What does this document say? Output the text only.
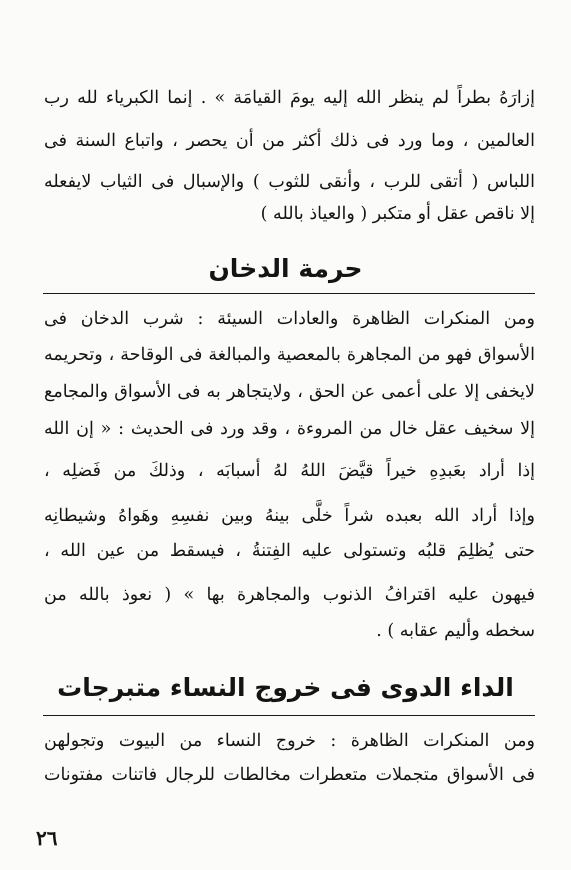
إزارَهُ بطراً لم ينظر الله إليه يومَ القيامَة » . إنما الكبرياء لله رب
العالمين ، وما ورد فى ذلك أكثر من أن يحصر ، واتباع السنة فى
اللباس ( أتقى للرب ، وأنقى للثوب ) والإسبال فى الثياب لايفعله
إلا ناقص عقل أو متكبر ( والعياذ بالله )
حرمة الدخان
ومن المنكرات الظاهرة والعادات السيئة : شرب الدخان فى
الأسواق فهو من المجاهرة بالمعصية والمبالغة فى الوقاحة ، وتحريمه
لايخفى إلا على أعمى عن الحق ، ولايتجاهر به فى الأسواق والمجامع
إلا سخيف عقل خال من المروءة ، وقد ورد فى الحديث : « إن الله
إذا أراد بعَبدِهِ خيراً قيَّضَ اللهُ لهُ أسبابَه ، وذلكَ من فَضلِه ،
وإذا أراد الله بعبده شراً خلَّى بينهُ وبين نفسِهِ وهَواهُ وشيطانِه
حتى يُظلِمَ قلبُه وتستولى عليه الفِتنةُ ، فيسقط من عين الله ،
فيهون عليه اقترافُ الذنوب والمجاهرة بها » ( نعوذ بالله من
سخطه وأليم عقابه ) .
الداء الدوى فى خروج النساء متبرجات
ومن المنكرات الظاهرة : خروج النساء من البيوت وتجولهن
فى الأسواق متجملات متعطرات مخالطات للرجال فاتنات مفتونات
٢٦
